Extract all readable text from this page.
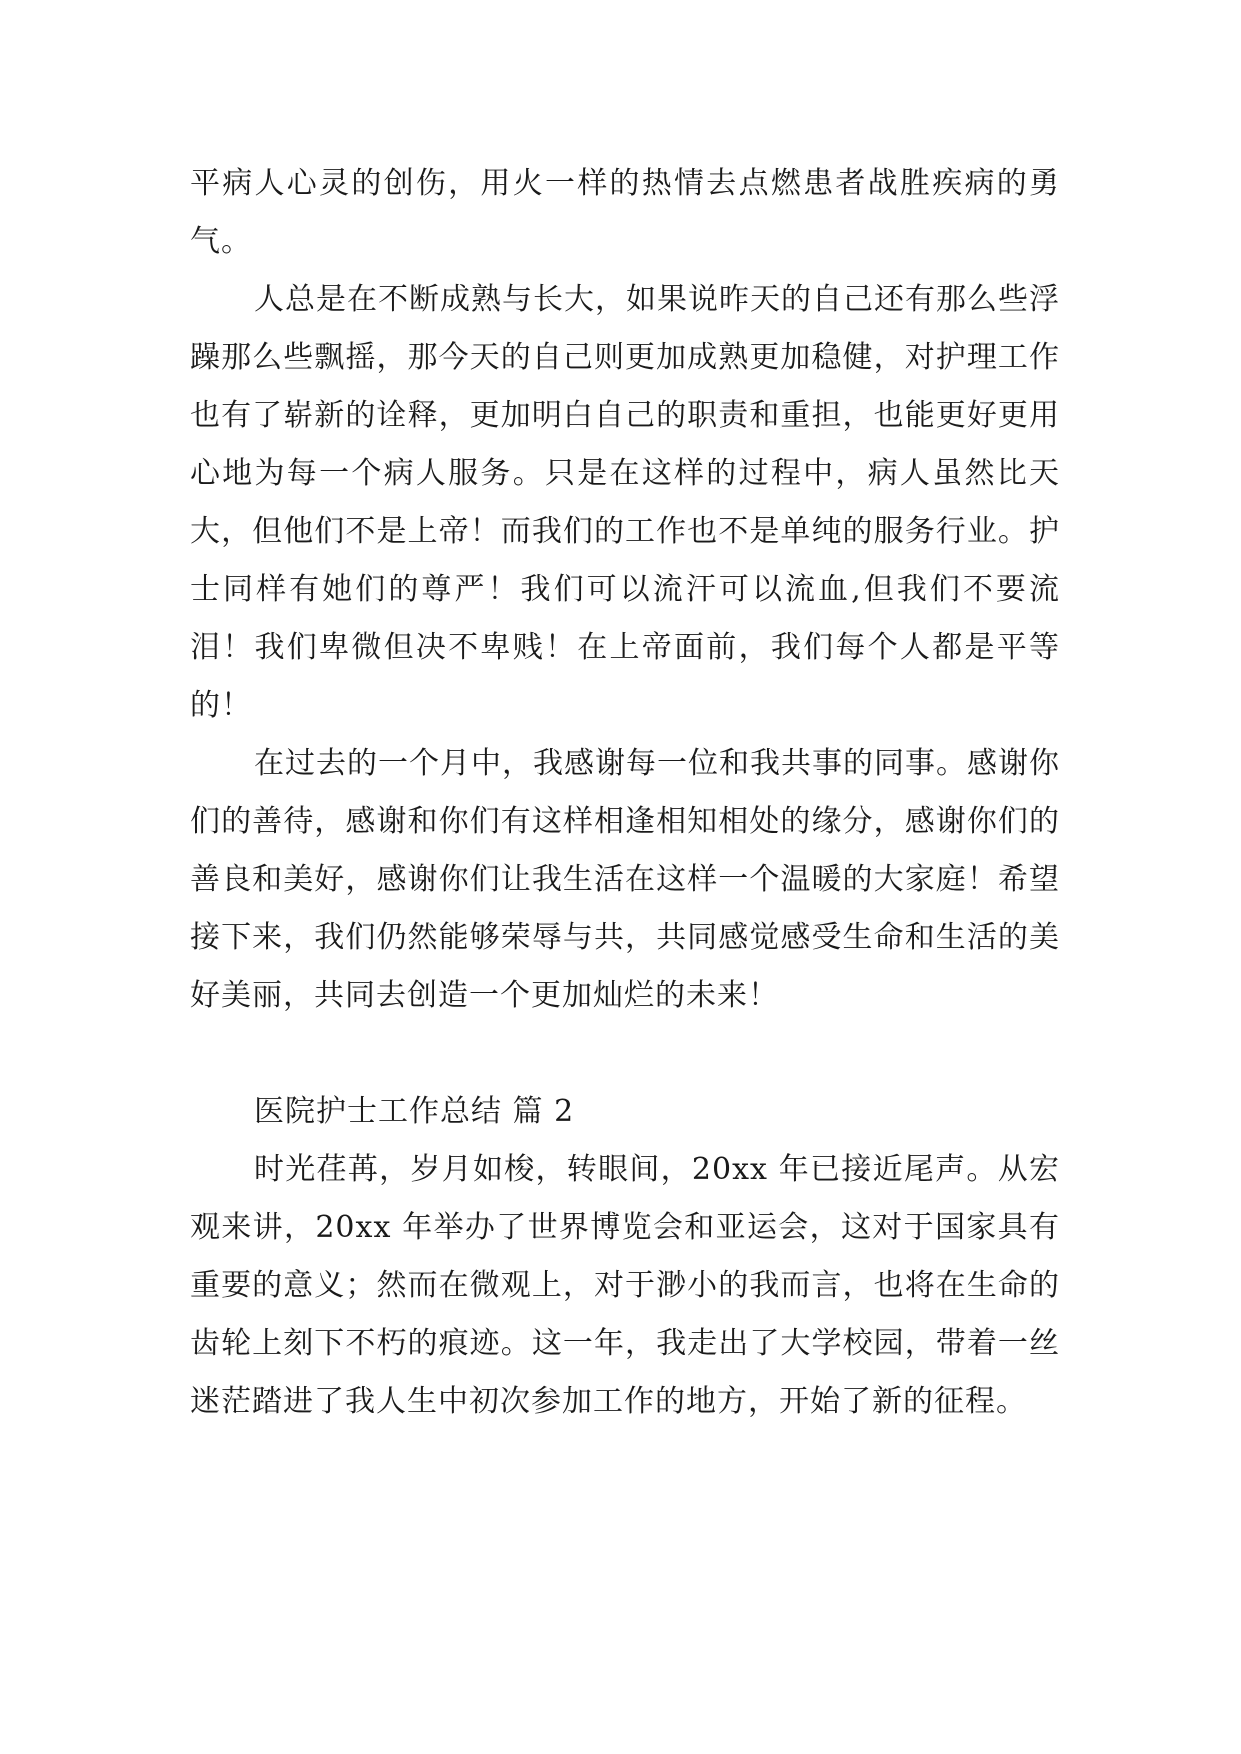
平病人心灵的创伤，用火一样的热情去点燃患者战胜疾病的勇气。

人总是在不断成熟与长大，如果说昨天的自己还有那么些浮躁那么些飘摇，那今天的自己则更加成熟更加稳健，对护理工作也有了崭新的诠释，更加明白自己的职责和重担，也能更好更用心地为每一个病人服务。只是在这样的过程中，病人虽然比天大，但他们不是上帝！而我们的工作也不是单纯的服务行业。护士同样有她们的尊严！我们可以流汗可以流血,但我们不要流泪！我们卑微但决不卑贱！在上帝面前，我们每个人都是平等的！

在过去的一个月中，我感谢每一位和我共事的同事。感谢你们的善待，感谢和你们有这样相逢相知相处的缘分，感谢你们的善良和美好，感谢你们让我生活在这样一个温暖的大家庭！希望接下来，我们仍然能够荣辱与共，共同感觉感受生命和生活的美好美丽，共同去创造一个更加灿烂的未来！

医院护士工作总结 篇 2

时光荏苒，岁月如梭，转眼间，20xx 年已接近尾声。从宏观来讲，20xx 年举办了世界博览会和亚运会，这对于国家具有重要的意义；然而在微观上，对于渺小的我而言，也将在生命的齿轮上刻下不朽的痕迹。这一年，我走出了大学校园，带着一丝迷茫踏进了我人生中初次参加工作的地方，开始了新的征程。
